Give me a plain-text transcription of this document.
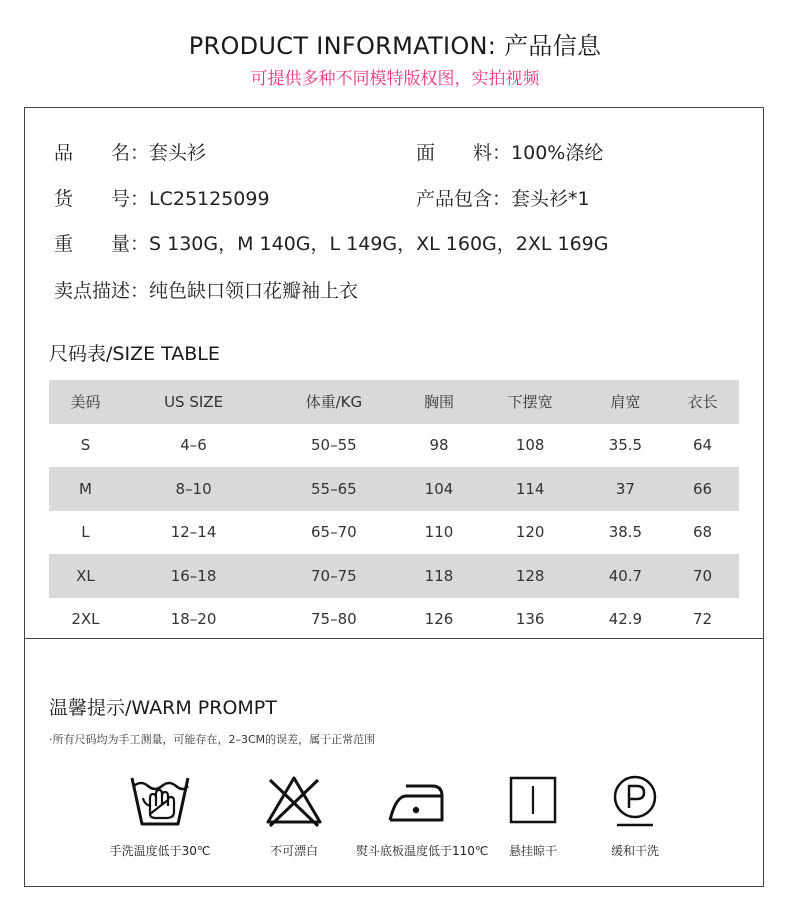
PRODUCT INFORMATION: 产品信息
可提供多种不同模特版权图，实拍视频
品　　名：套头衫	面　　料：100%涤纶
货　　号：LC25125099	产品包含：套头衫*1
重　　量：S 130G，M 140G，L 149G，XL 160G，2XL 169G
卖点描述：纯色缺口领口花瓣袖上衣
尺码表/SIZE TABLE
美码	US SIZE	体重/KG	胸围	下摆宽	肩宽	衣长
S	4–6	50–55	98	108	35.5	64
M	8–10	55–65	104	114	37	66
L	12–14	65–70	110	120	38.5	68
XL	16–18	70–75	118	128	40.7	70
2XL	18–20	75–80	126	136	42.9	72
温馨提示/WARM PROMPT
·所有尺码均为手工测量，可能存在，2–3CM的误差，属于正常范围
手洗温度低于30℃	不可漂白	熨斗底板温度低于110℃	悬挂晾干	缓和干洗
